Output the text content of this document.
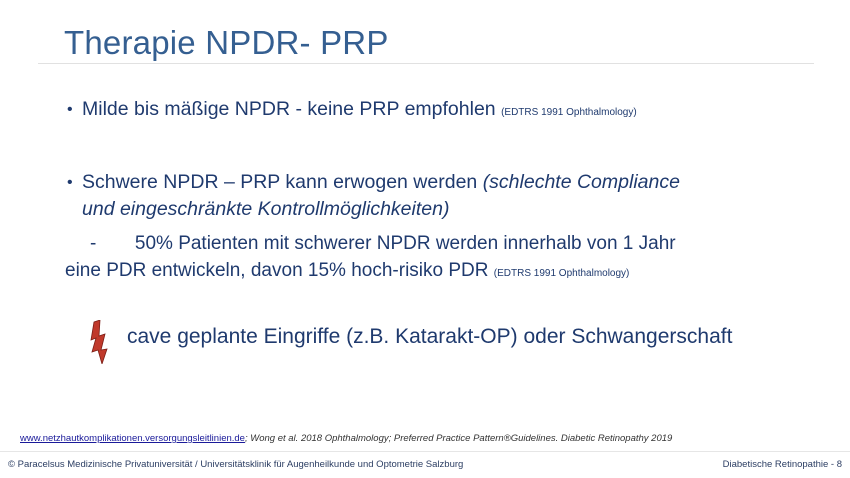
Therapie NPDR- PRP
• Milde bis mäßige NPDR - keine PRP empfohlen (EDTRS 1991 Ophthalmology)
• Schwere NPDR – PRP kann erwogen werden (schlechte Compliance
und eingeschränkte Kontrollmöglichkeiten)
- 50% Patienten mit schwerer NPDR werden innerhalb von 1 Jahr
eine PDR entwickeln, davon 15% hoch-risiko PDR (EDTRS 1991 Ophthalmology)
cave geplante Eingriffe (z.B. Katarakt-OP) oder Schwangerschaft
www.netzhautkomplikationen.versorgungsleitlinien.de; Wong et al. 2018 Ophthalmology; Preferred Practice Pattern®Guidelines. Diabetic Retinopathy 2019
© Paracelsus Medizinische Privatuniversität / Universitätsklinik für Augenheilkunde und Optometrie Salzburg	Diabetische Retinopathie - 8
